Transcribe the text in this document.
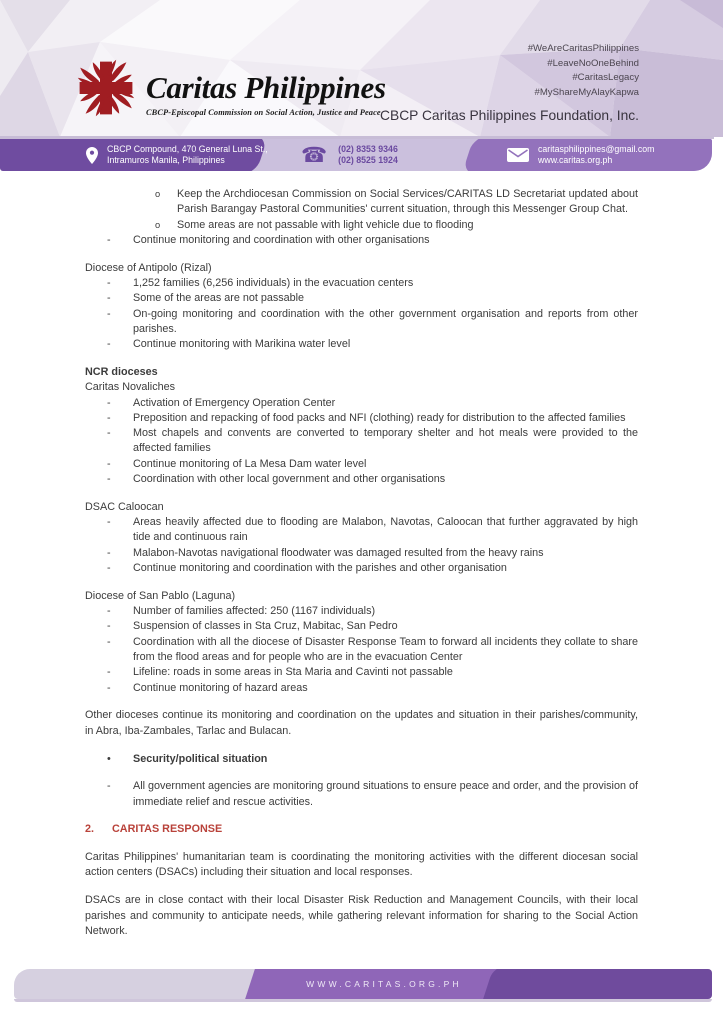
Caritas Philippines
CBCP-Episcopal Commission on Social Action, Justice and Peace
#WeAreCaritasPhilippines
#LeaveNoOneBehind
#CaritasLegacy
#MyShareMyAlayKapwa
CBCP Caritas Philippines Foundation, Inc.
CBCP Compound, 470 General Luna St.,
Intramuros Manila, Philippines	☎ (02) 8353 9346
(02) 8525 1924
caritasphilippines@gmail.com
www.caritas.org.ph
o	Keep the Archdiocesan Commission on Social Services/CARITAS LD Secretariat updated about Parish Barangay Pastoral Communities' current situation, through this Messenger Group Chat.
o	Some areas are not passable with light vehicle due to flooding
-	Continue monitoring and coordination with other organisations
Diocese of Antipolo (Rizal)
-	1,252 families (6,256 individuals) in the evacuation centers
-	Some of the areas are not passable
-	On-going monitoring and coordination with the other government organisation and reports from other parishes.
-	Continue monitoring with Marikina water level
NCR dioceses
Caritas Novaliches
-	Activation of Emergency Operation Center
-	Preposition and repacking of food packs and NFI (clothing) ready for distribution to the affected families
-	Most chapels and convents are converted to temporary shelter and hot meals were provided to the affected families
-	Continue monitoring of La Mesa Dam water level
-	Coordination with other local government and other organisations
DSAC Caloocan
-	Areas heavily affected due to flooding are Malabon, Navotas, Caloocan that further aggravated by high tide and continuous rain
-	Malabon-Navotas navigational floodwater was damaged resulted from the heavy rains
-	Continue monitoring and coordination with the parishes and other organisation
Diocese of San Pablo (Laguna)
-	Number of families affected: 250 (1167 individuals)
-	Suspension of classes in Sta Cruz, Mabitac, San Pedro
-	Coordination with all the diocese of Disaster Response Team to forward all incidents they collate to share from the flood areas and for people who are in the evacuation Center
-	Lifeline: roads in some areas in Sta Maria and Cavinti not passable
-	Continue monitoring of hazard areas
Other dioceses continue its monitoring and coordination on the updates and situation in their parishes/community, in Abra, Iba-Zambales, Tarlac and Bulacan.
•	Security/political situation
-	All government agencies are monitoring ground situations to ensure peace and order, and the provision of immediate relief and rescue activities.
2.	CARITAS RESPONSE
Caritas Philippines' humanitarian team is coordinating the monitoring activities with the different diocesan social action centers (DSACs) including their situation and local responses.
DSACs are in close contact with their local Disaster Risk Reduction and Management Councils, with their local parishes and community to anticipate needs, while gathering relevant information for sharing to the Social Action Network.
WWW.CARITAS.ORG.PH
